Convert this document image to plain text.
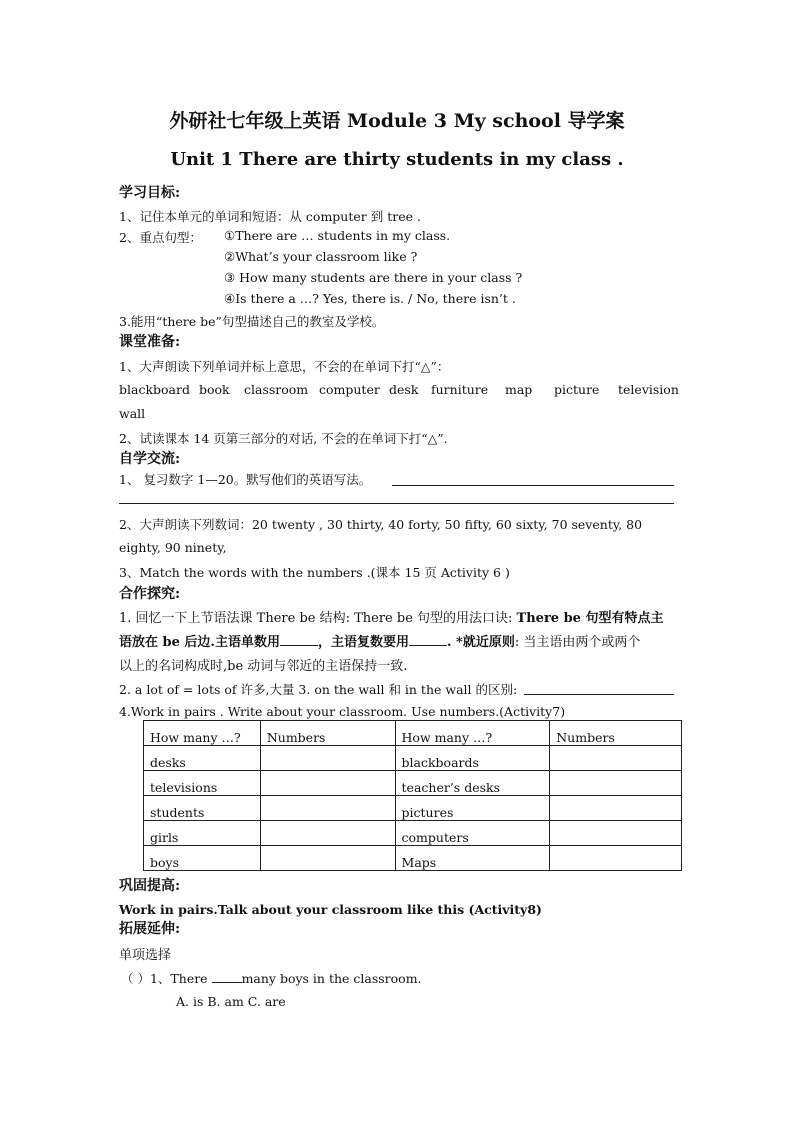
外研社七年级上英语 Module 3 My school 导学案
Unit 1 There are thirty students in my class .
学习目标:
1、记住本单元的单词和短语：从 computer 到 tree .
2、重点句型： ①There are … students in my class.
②What’s your classroom like ?
③ How many students are there in your class ?
④Is there a …? Yes, there is. / No, there isn’t .
3.能用“there be”句型描述自己的教室及学校。
课堂准备:
1、大声朗读下列单词并标上意思，不会的在单词下打“△”：
blackboard book classroom computer desk furniture map picture television
wall
2、试读课本 14 页第三部分的对话, 不会的在单词下打“△”.
自学交流:
1、 复习数字 1—20。默写他们的英语写法。
2、大声朗读下列数词：20 twenty , 30 thirty, 40 forty, 50 fifty, 60 sixty, 70 seventy, 80
eighty, 90 ninety,
3、Match the words with the numbers .(课本 15 页 Activity 6 )
合作探究:
1. 回忆一下上节语法课 There be 结构: There be 句型的用法口诀: There be 句型有特点主
语放在 be 后边.主语单数用	，主语复数要用	. *就近原则: 当主语由两个或两个
以上的名词构成时,be 动词与邻近的主语保持一致.
2. a lot of = lots of 许多,大量 3. on the wall 和 in the wall 的区别:
4.Work in pairs . Write about your classroom. Use numbers.(Activity7)
How many …?	Numbers	How many …?	Numbers
desks		blackboards	
televisions		teacher’s desks	
students		pictures	
girls		computers	
boys		Maps	
巩固提高:
Work in pairs.Talk about your classroom like this (Activity8)
拓展延伸:
单项选择
（ ）1、There many boys in the classroom.
A. is B. am C. are
